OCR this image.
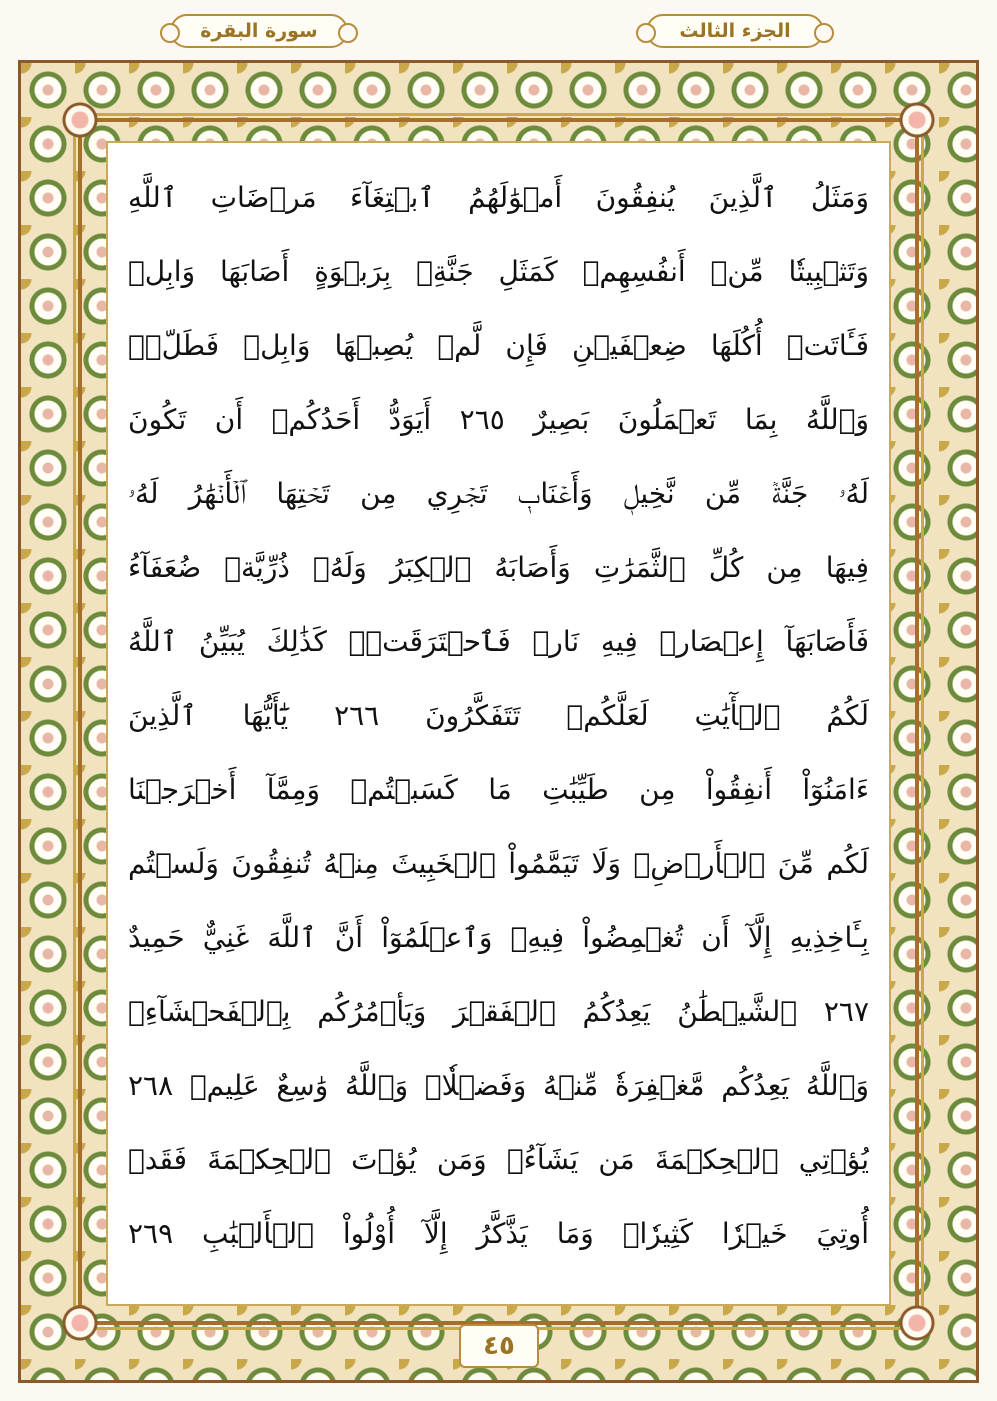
الجزء الثالث
سورة البقرة
وَمَثَلُ ٱلَّذِينَ يُنفِقُونَ أَمۡوَٰلَهُمُ ٱبۡتِغَآءَ مَرۡضَاتِ ٱللَّهِ
وَتَثۡبِيتٗا مِّنۡ أَنفُسِهِمۡ كَمَثَلِ جَنَّةِۭ بِرَبۡوَةٍ أَصَابَهَا وَابِلٞ
فَـَٔاتَتۡ أُكُلَهَا ضِعۡفَيۡنِ فَإِن لَّمۡ يُصِبۡهَا وَابِلٞ فَطَلّٞۗ
وَٱللَّهُ بِمَا تَعۡمَلُونَ بَصِيرٌ ٢٦٥ أَيَوَدُّ أَحَدُكُمۡ أَن تَكُونَ
لَهُۥ جَنَّةٞ مِّن نَّخِيلٖ وَأَعۡنَابٖ تَجۡرِي مِن تَحۡتِهَا ٱلۡأَنۡهَٰرُ لَهُۥ
فِيهَا مِن كُلِّ ٱلثَّمَرَٰتِ وَأَصَابَهُ ٱلۡكِبَرُ وَلَهُۥ ذُرِّيَّةٞ ضُعَفَآءُ
فَأَصَابَهَآ إِعۡصَارٞ فِيهِ نَارٞ فَٱحۡتَرَقَتۡۗ كَذَٰلِكَ يُبَيِّنُ ٱللَّهُ
لَكُمُ ٱلۡأٓيَٰتِ لَعَلَّكُمۡ تَتَفَكَّرُونَ ٢٦٦ يَٰٓأَيُّهَا ٱلَّذِينَ
ءَامَنُوٓاْ أَنفِقُواْ مِن طَيِّبَٰتِ مَا كَسَبۡتُمۡ وَمِمَّآ أَخۡرَجۡنَا
لَكُم مِّنَ ٱلۡأَرۡضِۖ وَلَا تَيَمَّمُواْ ٱلۡخَبِيثَ مِنۡهُ تُنفِقُونَ وَلَسۡتُم
بِـَٔاخِذِيهِ إِلَّآ أَن تُغۡمِضُواْ فِيهِۚ وَٱعۡلَمُوٓاْ أَنَّ ٱللَّهَ غَنِيٌّ حَمِيدٌ
٢٦٧ ٱلشَّيۡطَٰنُ يَعِدُكُمُ ٱلۡفَقۡرَ وَيَأۡمُرُكُم بِٱلۡفَحۡشَآءِۖ
وَٱللَّهُ يَعِدُكُم مَّغۡفِرَةٗ مِّنۡهُ وَفَضۡلٗاۗ وَٱللَّهُ وَٰسِعٌ عَلِيمٞ ٢٦٨
يُؤۡتِي ٱلۡحِكۡمَةَ مَن يَشَآءُۚ وَمَن يُؤۡتَ ٱلۡحِكۡمَةَ فَقَدۡ
أُوتِيَ خَيۡرٗا كَثِيرٗاۗ وَمَا يَذَّكَّرُ إِلَّآ أُوْلُواْ ٱلۡأَلۡبَٰبِ ٢٦٩
٤٥
